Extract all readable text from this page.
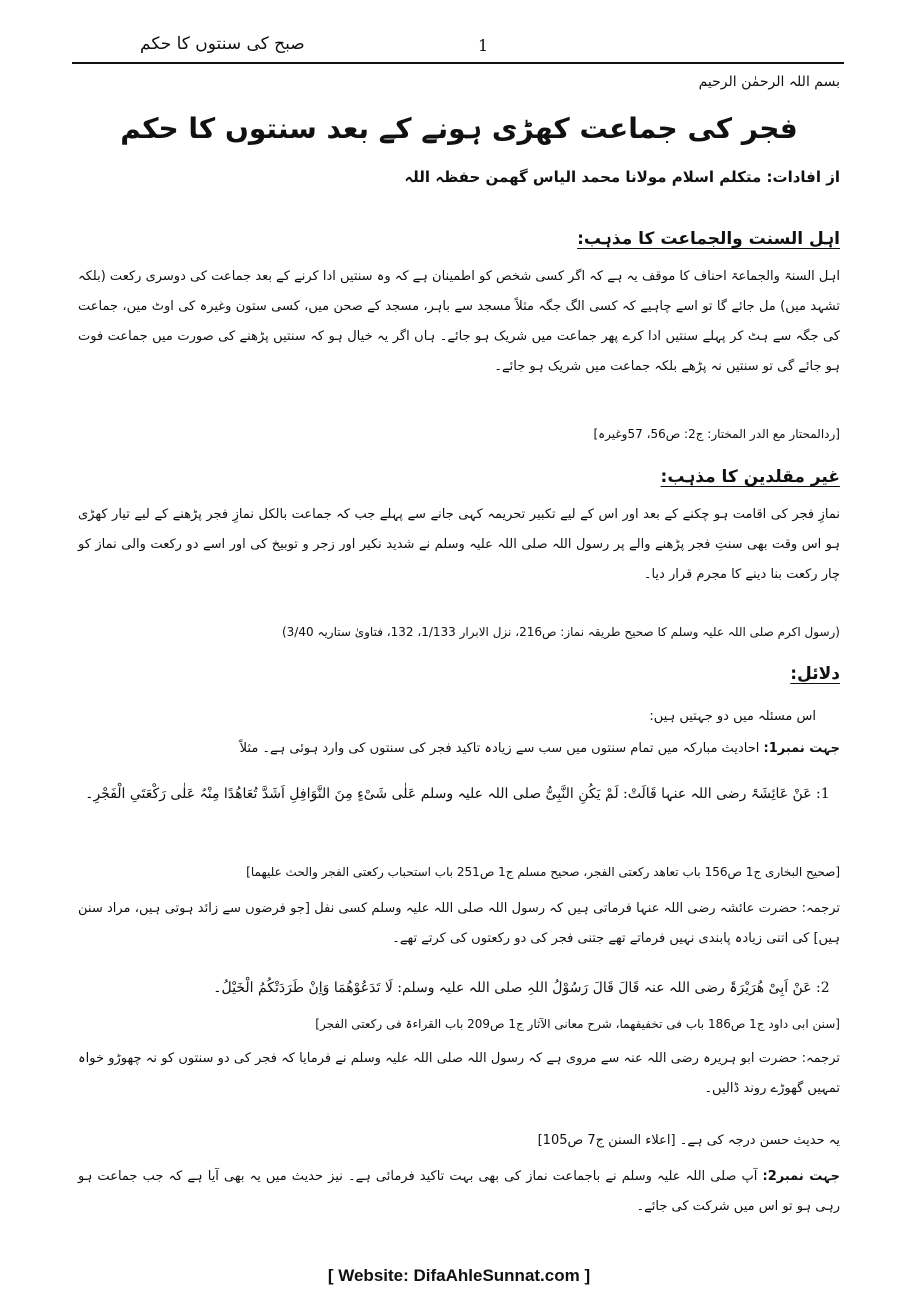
صبح کی سنتوں کا حکم	1
بسم اللہ الرحمٰن الرحیم
فجر کی جماعت کھڑی ہونے کے بعد سنتوں کا حکم
از افادات: متکلم اسلام مولانا محمد الیاس گھمن حفظہ اللہ
اہل السنت والجماعت کا مذہب:
اہل السنۃ والجماعۃ احناف کا موقف یہ ہے کہ اگر کسی شخص کو اطمینان ہے کہ وہ سنتیں ادا کرنے کے بعد جماعت کی دوسری رکعت (بلکہ تشہد میں) مل جائے گا تو اسے چاہیے کہ کسی الگ جگہ مثلاً مسجد سے باہر، مسجد کے صحن میں، کسی ستون وغیرہ کی اوٹ میں، جماعت کی جگہ سے ہٹ کر پہلے سنتیں ادا کرے پھر جماعت میں شریک ہو جائے۔ ہاں اگر یہ خیال ہو کہ سنتیں پڑھنے کی صورت میں جماعت فوت ہو جائے گی تو سنتیں نہ پڑھے بلکہ جماعت میں شریک ہو جائے۔
[ردالمحتار مع الدر المختار: ج2: ص56، 57وغیرہ]
غیر مقلدین کا مذہب:
نمازِ فجر کی اقامت ہو چکنے کے بعد اور اس کے لیے تکبیر تحریمہ کہی جانے سے پہلے جب کہ جماعت بالکل نمازِ فجر پڑھنے کے لیے تیار کھڑی ہو اس وقت بھی سنتِ فجر پڑھنے والے پر رسول اللہ صلی اللہ علیہ وسلم نے شدید نکیر اور زجر و توبیخ کی اور اسے دو رکعت والی نماز کو چار رکعت بنا دینے کا مجرم قرار دیا۔
(رسول اکرم صلی اللہ علیہ وسلم کا صحیح طریقہ نماز: ص216، نزل الابرار 1/133، 132، فتاویٰ ستاریہ 3/40)
دلائل:
اس مسئلہ میں دو جہتیں ہیں:
جہت نمبر1: احادیث مبارکہ میں تمام سنتوں میں سب سے زیادہ تاکید فجر کی سنتوں کی وارد ہوئی ہے۔ مثلاً
1: عَنْ عَائِشَۃَ رضی اللہ عنہا قَالَتْ: لَمْ یَکُنِ النَّبِیُّ صلی اللہ علیہ وسلم عَلٰی شَیْءٍ مِنَ النَّوَافِلِ اَشَدَّ تُعَاھُدًا مِنْہُ عَلٰی رَکْعَتَیِ الْفَجْرِ۔
[صحیح البخاری ج1 ص156 باب تعاھد رکعتی الفجر، صحیح مسلم ج1 ص251 باب استحباب رکعتی الفجر والحث علیھما]
ترجمہ: حضرت عائشہ رضی اللہ عنہا فرماتی ہیں کہ رسول اللہ صلی اللہ علیہ وسلم کسی نفل [جو فرضوں سے زائد ہوتی ہیں، مراد سنن ہیں] کی اتنی زیادہ پابندی نہیں فرماتے تھے جتنی فجر کی دو رکعتوں کی کرتے تھے۔
2: عَنْ اَبِیْ ھُرَیْرَۃَ رضی اللہ عنہ قَالَ قَالَ رَسُوْلُ اللہِ صلی اللہ علیہ وسلم: لَا تَدَعُوْھُمَا وَاِنْ طَرَدَتْکُمُ الْخَیْلُ۔
[سنن ابی داود ج1 ص186 باب فی تخفیفھما، شرح معانی الآثار ج1 ص209 باب القراءۃ فی رکعتی الفجر]
ترجمہ: حضرت ابو ہریرہ رضی اللہ عنہ سے مروی ہے کہ رسول اللہ صلی اللہ علیہ وسلم نے فرمایا کہ فجر کی دو سنتوں کو نہ چھوڑو خواہ تمہیں گھوڑے روند ڈالیں۔
یہ حدیث حسن درجہ کی ہے۔ [اعلاء السنن ج7 ص105]
جہت نمبر2: آپ صلی اللہ علیہ وسلم نے باجماعت نماز کی بھی بہت تاکید فرمائی ہے۔ نیز حدیث میں یہ بھی آیا ہے کہ جب جماعت ہو رہی ہو تو اس میں شرکت کی جائے۔
[ Website: DifaAhleSunnat.com ]
